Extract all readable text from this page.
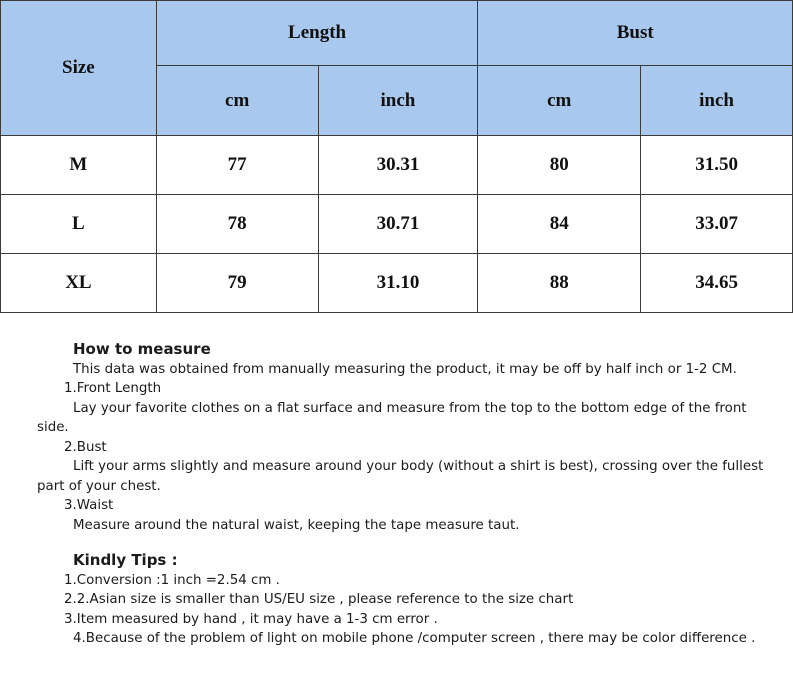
Size	Length		Bust	
	cm	inch	cm	inch
M	77	30.31	80	31.50
L	78	30.71	84	33.07
XL	79	31.10	88	34.65

How to measure

This data was obtained from manually measuring the product, it may be off by half inch or 1-2 CM.

1.Front Length

Lay your favorite clothes on a flat surface and measure from the top to the bottom edge of the front side.

2.Bust

Lift your arms slightly and measure around your body (without a shirt is best), crossing over the fullest part of your chest.

3.Waist

Measure around the natural waist, keeping the tape measure taut.

Kindly Tips :

1.Conversion :1 inch =2.54 cm .

2.2.Asian size is smaller than US/EU size , please reference to the size chart

3.Item measured by hand , it may have a 1-3 cm error .

4.Because of the problem of light on mobile phone /computer screen , there may be color difference .
